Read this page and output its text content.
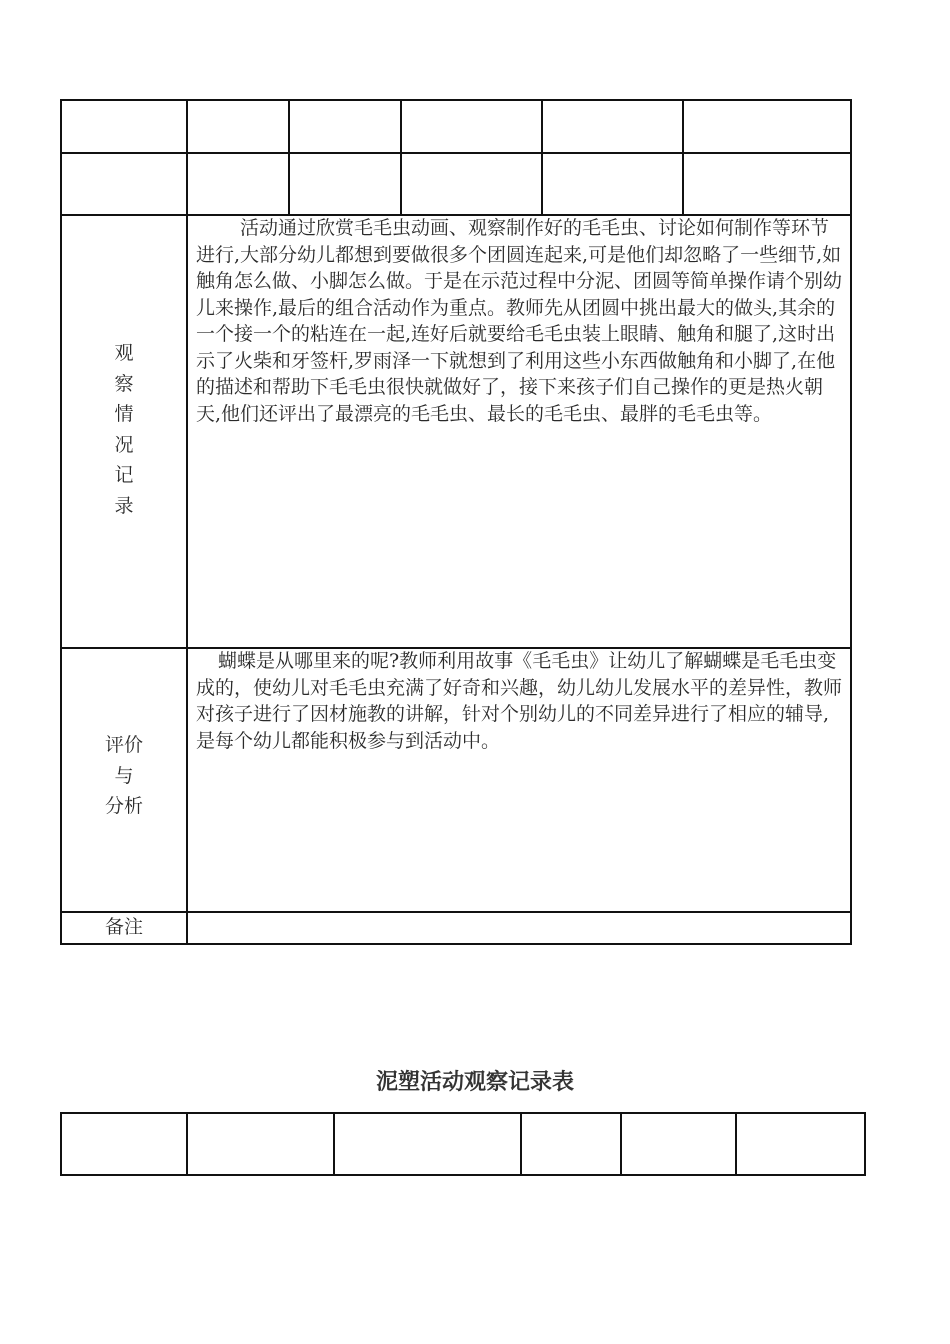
观
察
情
况
记
录
活动通过欣赏毛毛虫动画、观察制作好的毛毛虫、讨论如何制作等环节进行,大部分幼儿都想到要做很多个团圆连起来,可是他们却忽略了一些细节,如触角怎么做、小脚怎么做。于是在示范过程中分泥、团圆等简单操作请个别幼儿来操作,最后的组合活动作为重点。教师先从团圆中挑出最大的做头,其余的一个接一个的粘连在一起,连好后就要给毛毛虫装上眼睛、触角和腿了,这时出示了火柴和牙签杆,罗雨泽一下就想到了利用这些小东西做触角和小脚了,在他的描述和帮助下毛毛虫很快就做好了，接下来孩子们自己操作的更是热火朝天,他们还评出了最漂亮的毛毛虫、最长的毛毛虫、最胖的毛毛虫等。
评价
与
分析
蝴蝶是从哪里来的呢?教师利用故事《毛毛虫》让幼儿了解蝴蝶是毛毛虫变成的，使幼儿对毛毛虫充满了好奇和兴趣，幼儿幼儿发展水平的差异性，教师对孩子进行了因材施教的讲解，针对个别幼儿的不同差异进行了相应的辅导,是每个幼儿都能积极参与到活动中。
备注
泥塑活动观察记录表
